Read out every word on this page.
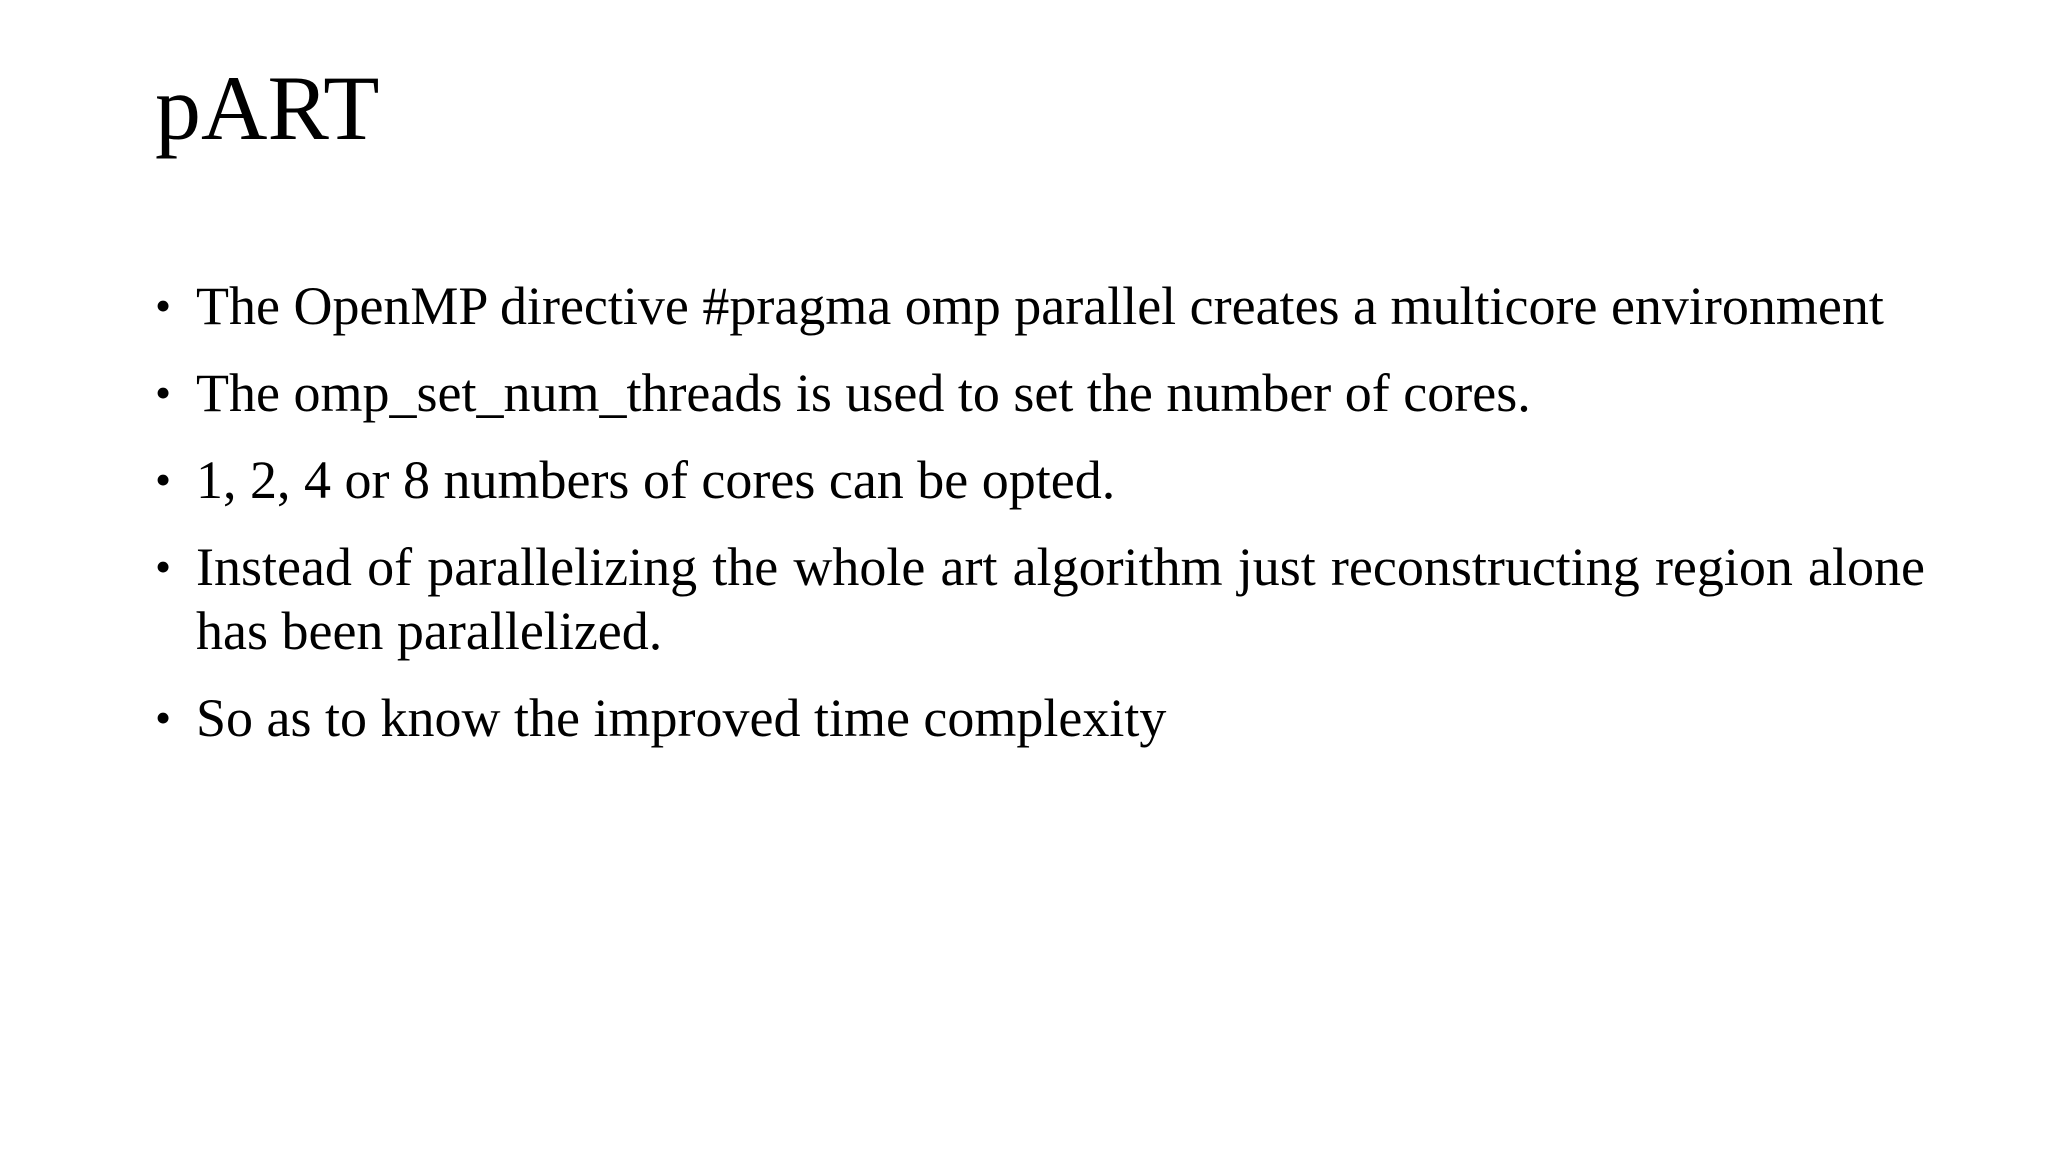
pART
• The OpenMP directive #pragma omp parallel creates a multicore environment
• The omp_set_num_threads is used to set the number of cores.
• 1, 2, 4 or 8 numbers of cores can be opted.
• Instead of parallelizing the whole art algorithm just reconstructing region alone has been parallelized.
• So as to know the improved time complexity
